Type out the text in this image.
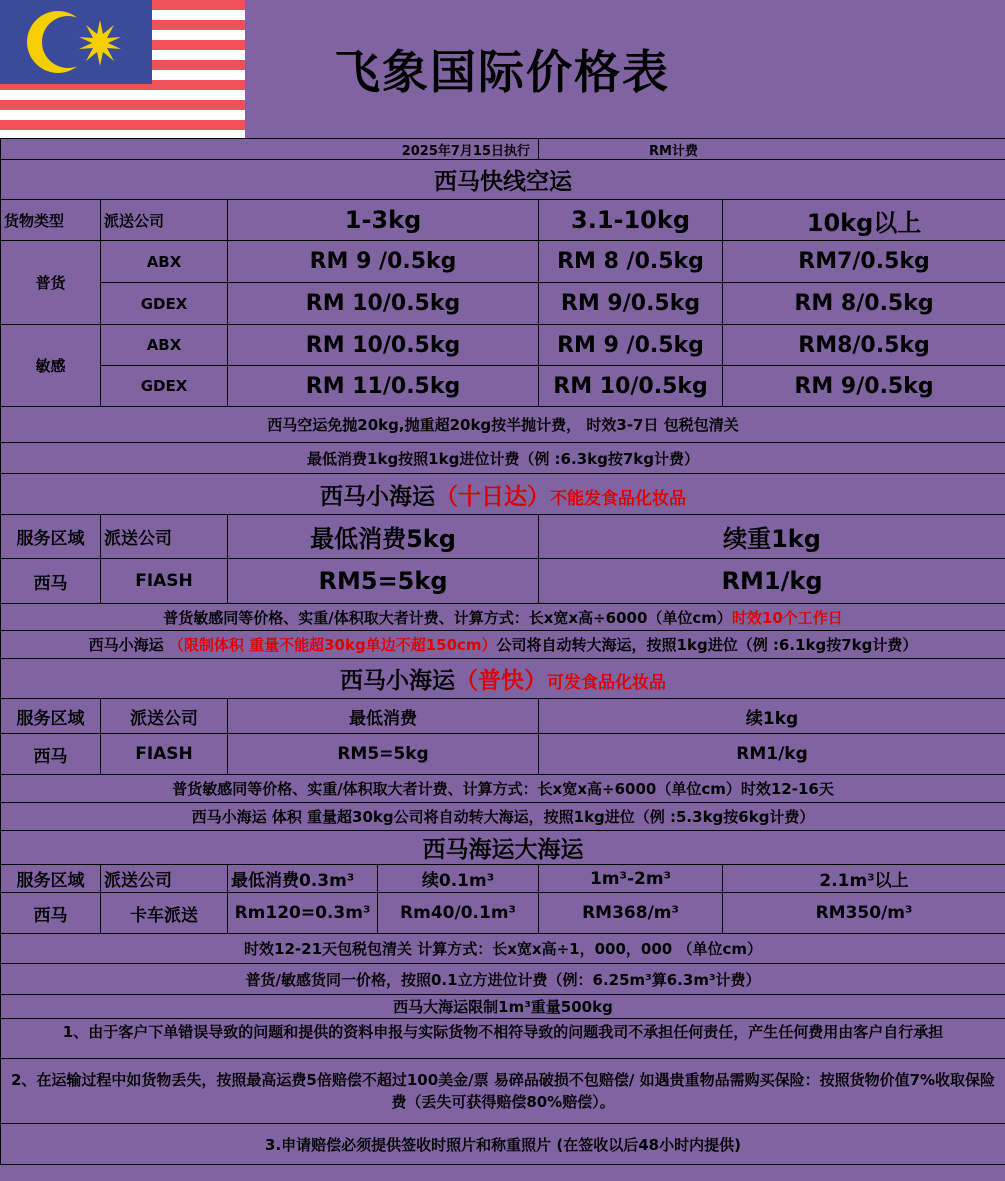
飞象国际价格表
2025年7月15日执行				RM计费	
西马快线空运					
货物类型	派送公司	1-3kg		3.1-10kg	10kg以上
普货	ABX	RM 9 /0.5kg		RM 8 /0.5kg	RM7/0.5kg
	GDEX	RM 10/0.5kg		RM 9/0.5kg	RM 8/0.5kg
敏感	ABX	RM 10/0.5kg		RM 9 /0.5kg	RM8/0.5kg
	GDEX	RM 11/0.5kg		RM 10/0.5kg	RM 9/0.5kg
西马空运免抛20kg,抛重超20kg按半抛计费， 时效3-7日 包税包清关					
最低消费1kg按照1kg进位计费（例 :6.3kg按7kg计费）					
西马小海运（十日达）不能发食品化妆品					
服务区域	派送公司	最低消费5kg		续重1kg	
西马	FIASH	RM5=5kg		RM1/kg	
普货敏感同等价格、实重/体积取大者计费、计算方式：长x宽x高÷6000（单位cm）时效10个工作日					
西马小海运 （限制体积 重量不能超30kg单边不超150cm）公司将自动转大海运，按照1kg进位（例 :6.1kg按7kg计费）					
西马小海运（普快）可发食品化妆品					
服务区域	派送公司	最低消费		续1kg	
西马	FIASH	RM5=5kg		RM1/kg	
普货敏感同等价格、实重/体积取大者计费、计算方式：长x宽x高÷6000（单位cm）时效12-16天					
西马小海运 体积 重量超30kg公司将自动转大海运，按照1kg进位（例 :5.3kg按6kg计费）					
西马海运大海运					
服务区域	派送公司	最低消费0.3m³	续0.1m³	1m³-2m³	2.1m³以上
西马	卡车派送	Rm120=0.3m³	Rm40/0.1m³	RM368/m³	RM350/m³
时效12-21天包税包清关 计算方式：长x宽x高÷1，000，000 （单位cm）					
普货/敏感货同一价格，按照0.1立方进位计费（例：6.25m³算6.3m³计费）					
西马大海运限制1m³重量500kg					
1、由于客户下单错误导致的问题和提供的资料申报与实际货物不相符导致的问题我司不承担任何责任，产生任何费用由客户自行承担					
2、在运输过程中如货物丢失，按照最高运费5倍赔偿不超过100美金/票 易碎品破损不包赔偿/ 如遇贵重物品需购买保险：按照货物价值7%收取保险费（丢失可获得赔偿80%赔偿）。					
3.申请赔偿必须提供签收时照片和称重照片 (在签收以后48小时内提供)					
